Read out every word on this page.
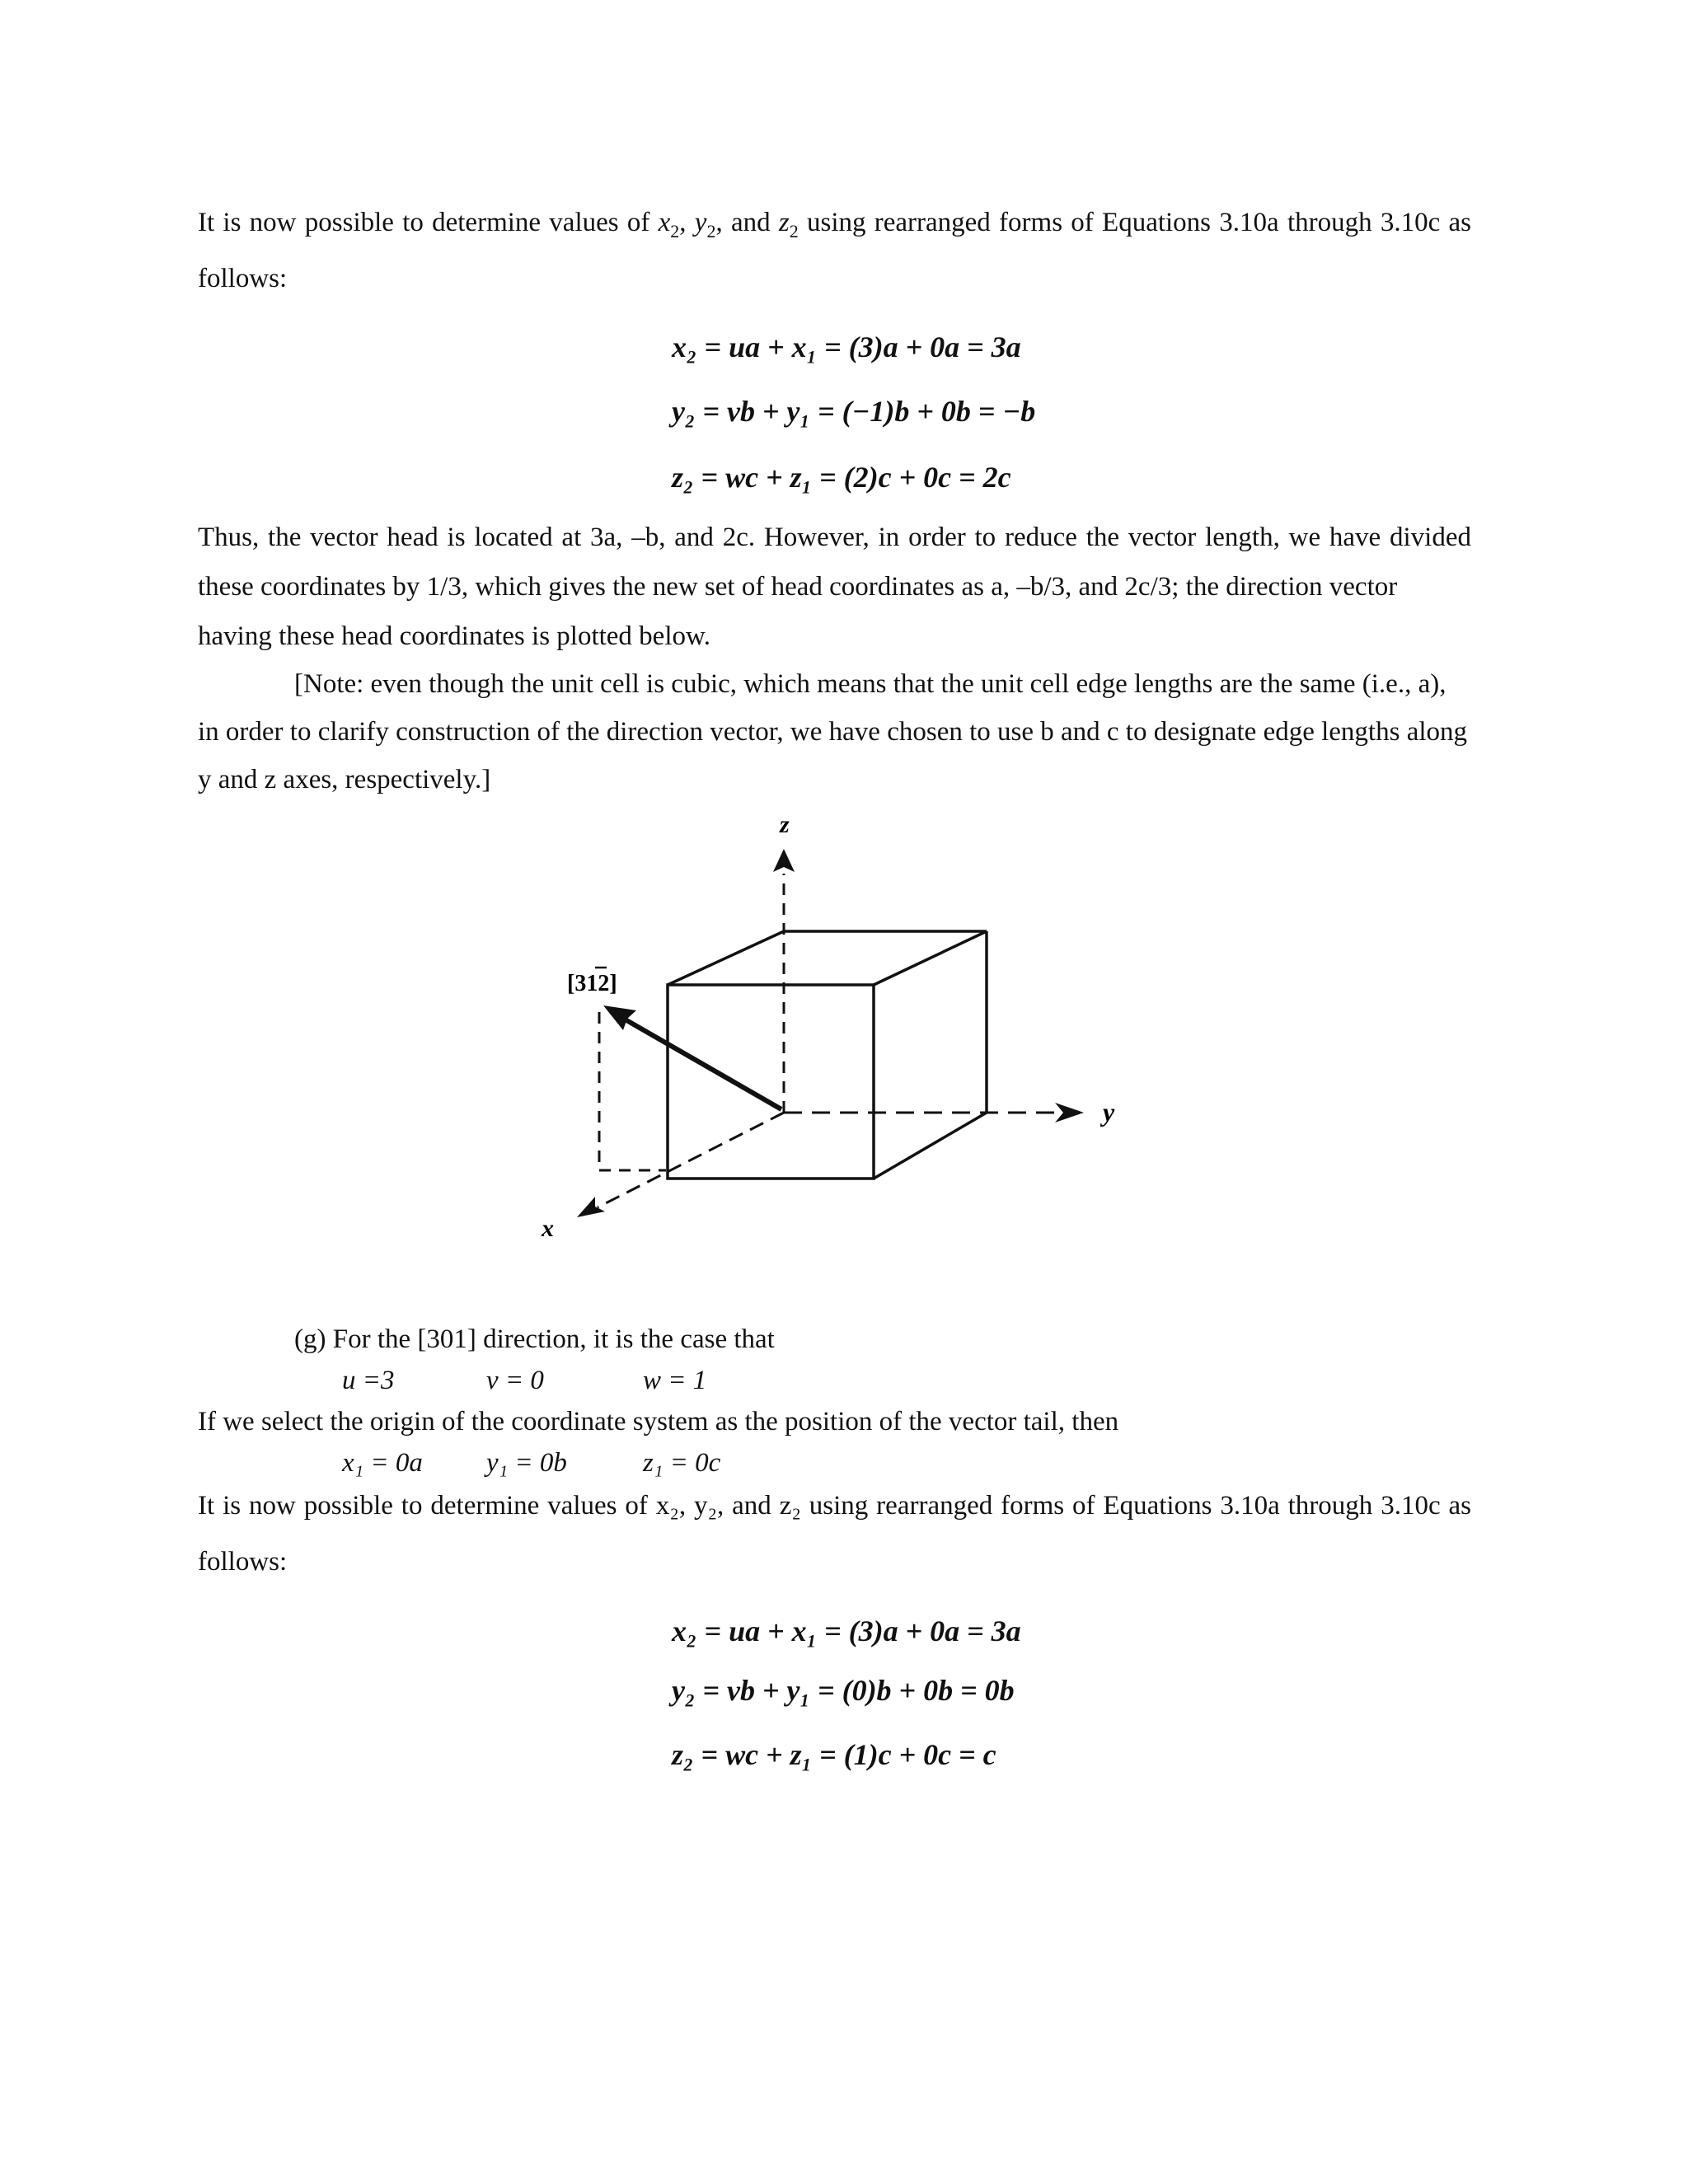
It is now possible to determine values of $x_2$, $y_2$, and $z_2$ using rearranged forms of Equations 3.10a through 3.10c as
follows:
x₂ = ua + x₁ = (3)a + 0a = 3a
y₂ = vb + y₁ = (−1)b + 0b = −b
z₂ = wc + z₁ = (2)c + 0c = 2c
Thus, the vector head is located at 3a, –b, and 2c. However, in order to reduce the vector length, we have divided
these coordinates by 1/3, which gives the new set of head coordinates as a, –b/3, and 2c/3; the direction vector
having these head coordinates is plotted below.
[Note: even though the unit cell is cubic, which means that the unit cell edge lengths are the same (i.e., a),
in order to clarify construction of the direction vector, we have chosen to use b and c to designate edge lengths along
y and z axes, respectively.]
z
y
x
[312]
(g) For the [301] direction, it is the case that
u =3	v = 0	w = 1
If we select the origin of the coordinate system as the position of the vector tail, then
x₁ = 0a y₁ = 0b	z₁ = 0c
It is now possible to determine values of x₂, y₂, and z₂ using rearranged forms of Equations 3.10a through 3.10c as
follows:
x₂ = ua + x₁ = (3)a + 0a = 3a
y₂ = vb + y₁ = (0)b + 0b = 0b
z₂ = wc + z₁ = (1)c + 0c = c
